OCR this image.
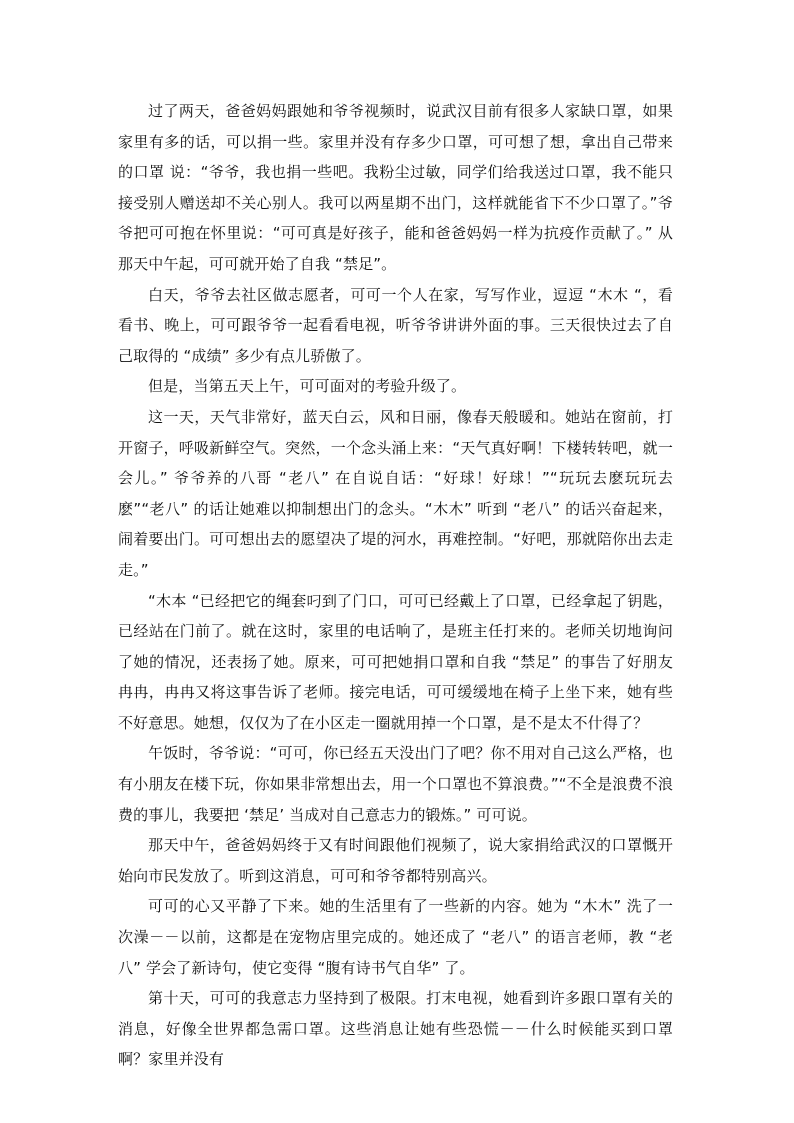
过了两天，爸爸妈妈跟她和爷爷视频时，说武汉目前有很多人家缺口罩，如果家里有多的话，可以捐一些。家里并没有存多少口罩，可可想了想，拿出自己带来的口罩 说：“爷爷，我也捐一些吧。我粉尘过敏，同学们给我送过口罩，我不能只接受别人赠送却不关心别人。我可以两星期不出门，这样就能省下不少口罩了。”爷爷把可可抱在怀里说：“可可真是好孩子，能和爸爸妈妈一样为抗疫作贡献了。” 从那天中午起，可可就开始了自我 “禁足”。

白天，爷爷去社区做志愿者，可可一个人在家，写写作业，逗逗 “木木 “，看看书、晚上，可可跟爷爷一起看看电视，听爷爷讲讲外面的事。三天很快过去了自己取得的 “成绩” 多少有点儿骄傲了。

但是，当第五天上午，可可面对的考验升级了。

这一天，天气非常好，蓝天白云，风和日丽，像春天般暖和。她站在窗前，打开窗子，呼吸新鲜空气。突然，一个念头涌上来：“天气真好啊！下楼转转吧，就一会儿。” 爷爷养的八哥 “老八” 在自说自话：“好球！好球！”“玩玩去麽玩玩去麽”“老八” 的话让她难以抑制想出门的念头。“木木” 听到 “老八” 的话兴奋起来，闹着要出门。可可想出去的愿望决了堤的河水，再难控制。“好吧，那就陪你出去走走。”

“木本 “已经把它的绳套叼到了门口，可可已经戴上了口罩，已经拿起了钥匙，已经站在门前了。就在这时，家里的电话响了，是班主任打来的。老师关切地询问了她的情况，还表扬了她。原来，可可把她捐口罩和自我 “禁足” 的事告了好朋友冉冉，冉冉又将这事告诉了老师。接完电话，可可缓缓地在椅子上坐下来，她有些不好意思。她想，仅仅为了在小区走一圈就用掉一个口罩，是不是太不什得了？

午饭时，爷爷说：“可可，你已经五天没出门了吧？你不用对自己这么严格，也有小朋友在楼下玩，你如果非常想出去，用一个口罩也不算浪费。”“不全是浪费不浪费的事儿，我要把 ‘禁足’ 当成对自己意志力的锻炼。” 可可说。

那天中午，爸爸妈妈终于又有时间跟他们视频了，说大家捐给武汉的口罩慨开始向市民发放了。听到这消息，可可和爷爷都特别高兴。

可可的心又平静了下来。她的生活里有了一些新的内容。她为 “木木” 洗了一次澡－－以前，这都是在宠物店里完成的。她还成了 “老八” 的语言老师，教 “老八” 学会了新诗句，使它变得 “腹有诗书气自华” 了。

第十天，可可的我意志力坚持到了极限。打末电视，她看到许多跟口罩有关的消息，好像全世界都急需口罩。这些消息让她有些恐慌－－什么时候能买到口罩啊？家里并没有
